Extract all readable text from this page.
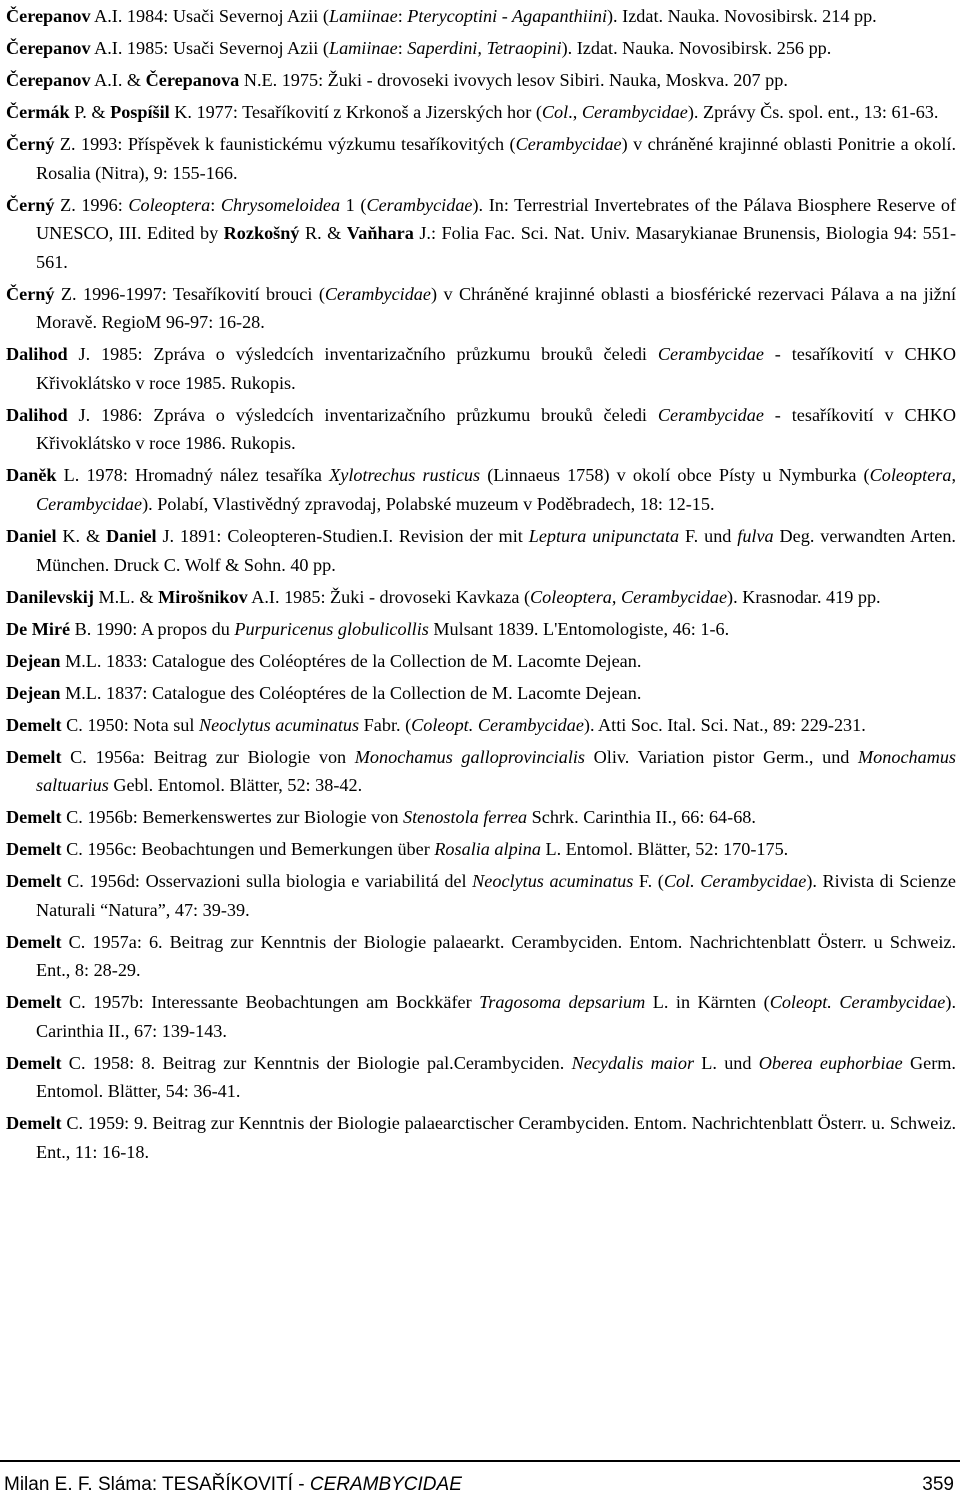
Čerepanov A.I. 1984: Usači Severnoj Azii (Lamiinae: Pterycoptini - Agapanthiini). Izdat. Nauka. Novosibirsk. 214 pp.

Čerepanov A.I. 1985: Usači Severnoj Azii (Lamiinae: Saperdini, Tetraopini). Izdat. Nauka. Novosibirsk. 256 pp.

Čerepanov A.I. & Čerepanova N.E. 1975: Žuki - drovoseki ivovych lesov Sibiri. Nauka, Moskva. 207 pp.

Čermák P. & Pospíšil K. 1977: Tesaříkovití z Krkonoš a Jizerských hor (Col., Cerambycidae). Zprávy Čs. spol. ent., 13: 61-63.

Černý Z. 1993: Příspěvek k faunistickému výzkumu tesaříkovitých (Cerambycidae) v chráněné krajinné oblasti Ponitrie a okolí. Rosalia (Nitra), 9: 155-166.

Černý Z. 1996: Coleoptera: Chrysomeloidea 1 (Cerambycidae). In: Terrestrial Invertebrates of the Pálava Biosphere Reserve of UNESCO, III. Edited by Rozkošný R. & Vaňhara J.: Folia Fac. Sci. Nat. Univ. Masarykianae Brunensis, Biologia 94: 551-561.

Černý Z. 1996-1997: Tesaříkovití brouci (Cerambycidae) v Chráněné krajinné oblasti a biosférické rezervaci Pálava a na jižní Moravě. RegioM 96-97: 16-28.

Dalihod J. 1985: Zpráva o výsledcích inventarizačního průzkumu brouků čeledi Cerambycidae - tesaříkovití v CHKO Křivoklátsko v roce 1985. Rukopis.

Dalihod J. 1986: Zpráva o výsledcích inventarizačního průzkumu brouků čeledi Cerambycidae - tesaříkovití v CHKO Křivoklátsko v roce 1986. Rukopis.

Daněk L. 1978: Hromadný nález tesaříka Xylotrechus rusticus (Linnaeus 1758) v okolí obce Písty u Nymburka (Coleoptera, Cerambycidae). Polabí, Vlastivědný zpravodaj, Polabské muzeum v Poděbradech, 18: 12-15.

Daniel K. & Daniel J. 1891: Coleopteren-Studien.I. Revision der mit Leptura unipunctata F. und fulva Deg. verwandten Arten. München. Druck C. Wolf & Sohn. 40 pp.

Danilevskij M.L. & Mirošnikov A.I. 1985: Žuki - drovoseki Kavkaza (Coleoptera, Cerambycidae). Krasnodar. 419 pp.

De Miré B. 1990: A propos du Purpuricenus globulicollis Mulsant 1839. L'Entomologiste, 46: 1-6.

Dejean M.L. 1833: Catalogue des Coléoptéres de la Collection de M. Lacomte Dejean.

Dejean M.L. 1837: Catalogue des Coléoptéres de la Collection de M. Lacomte Dejean.

Demelt C. 1950: Nota sul Neoclytus acuminatus Fabr. (Coleopt. Cerambycidae). Atti Soc. Ital. Sci. Nat., 89: 229-231.

Demelt C. 1956a: Beitrag zur Biologie von Monochamus galloprovincialis Oliv. Variation pistor Germ., und Monochamus saltuarius Gebl. Entomol. Blätter, 52: 38-42.

Demelt C. 1956b: Bemerkenswertes zur Biologie von Stenostola ferrea Schrk. Carinthia II., 66: 64-68.

Demelt C. 1956c: Beobachtungen und Bemerkungen über Rosalia alpina L. Entomol. Blätter, 52: 170-175.

Demelt C. 1956d: Osservazioni sulla biologia e variabilitá del Neoclytus acuminatus F. (Col. Cerambycidae). Rivista di Scienze Naturali “Natura”, 47: 39-39.

Demelt C. 1957a: 6. Beitrag zur Kenntnis der Biologie palaearkt. Cerambyciden. Entom. Nachrichtenblatt Österr. u Schweiz. Ent., 8: 28-29.

Demelt C. 1957b: Interessante Beobachtungen am Bockkäfer Tragosoma depsarium L. in Kärnten (Coleopt. Cerambycidae). Carinthia II., 67: 139-143.

Demelt C. 1958: 8. Beitrag zur Kenntnis der Biologie pal.Cerambyciden. Necydalis maior L. und Oberea euphorbiae Germ. Entomol. Blätter, 54: 36-41.

Demelt C. 1959: 9. Beitrag zur Kenntnis der Biologie palaearctischer Cerambyciden. Entom. Nachrichtenblatt Österr. u. Schweiz. Ent., 11: 16-18.

Milan E. F. Sláma: TESAŘÍKOVITÍ - CERAMBYCIDAE	359
